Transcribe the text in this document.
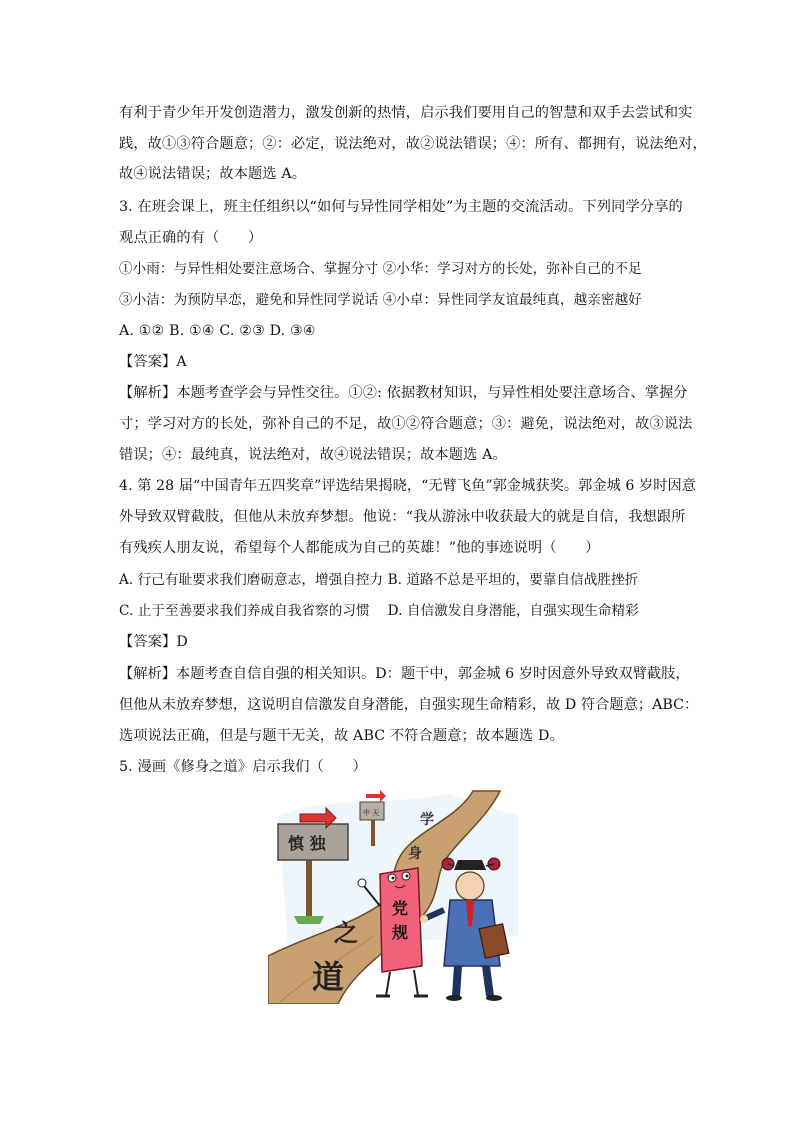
有利于青少年开发创造潜力，激发创新的热情，启示我们要用自己的智慧和双手去尝试和实
践，故①③符合题意；②：必定，说法绝对，故②说法错误；④：所有、都拥有，说法绝对，
故④说法错误；故本题选 A。
3. 在班会课上，班主任组织以“如何与异性同学相处”为主题的交流活动。下列同学分享的
观点正确的有（　　）
①小雨：与异性相处要注意场合、掌握分寸 ②小华：学习对方的长处，弥补自己的不足
③小洁：为预防早恋，避免和异性同学说话 ④小卓：异性同学友谊最纯真，越亲密越好
A. ①② B. ①④ C. ②③ D. ③④
【答案】A
【解析】本题考查学会与异性交往。①②: 依据教材知识，与异性相处要注意场合、掌握分
寸；学习对方的长处，弥补自己的不足，故①②符合题意；③：避免，说法绝对，故③说法
错误；④：最纯真，说法绝对，故④说法错误；故本题选 A。
4. 第 28 届“中国青年五四奖章”评选结果揭晓，“无臂飞鱼”郭金城获奖。郭金城 6 岁时因意
外导致双臂截肢，但他从未放弃梦想。他说：“我从游泳中收获最大的就是自信，我想跟所
有残疾人朋友说，希望每个人都能成为自己的英雄！”他的事迹说明（　　）
A. 行己有耻要求我们磨砺意志，增强自控力 B. 道路不总是平坦的，要靠自信战胜挫折
C. 止于至善要求我们养成自我省察的习惯　 D. 自信激发自身潜能，自强实现生命精彩
【答案】D
【解析】本题考查自信自强的相关知识。D：题干中，郭金城 6 岁时因意外导致双臂截肢，
但他从未放弃梦想，这说明自信激发自身潜能，自强实现生命精彩，故 D 符合题意；ABC：
选项说法正确，但是与题干无关，故 ABC 不符合题意；故本题选 D。
5. 漫画《修身之道》启示我们（　　）
学
身
之
道
慎 独
中 天
党
规
